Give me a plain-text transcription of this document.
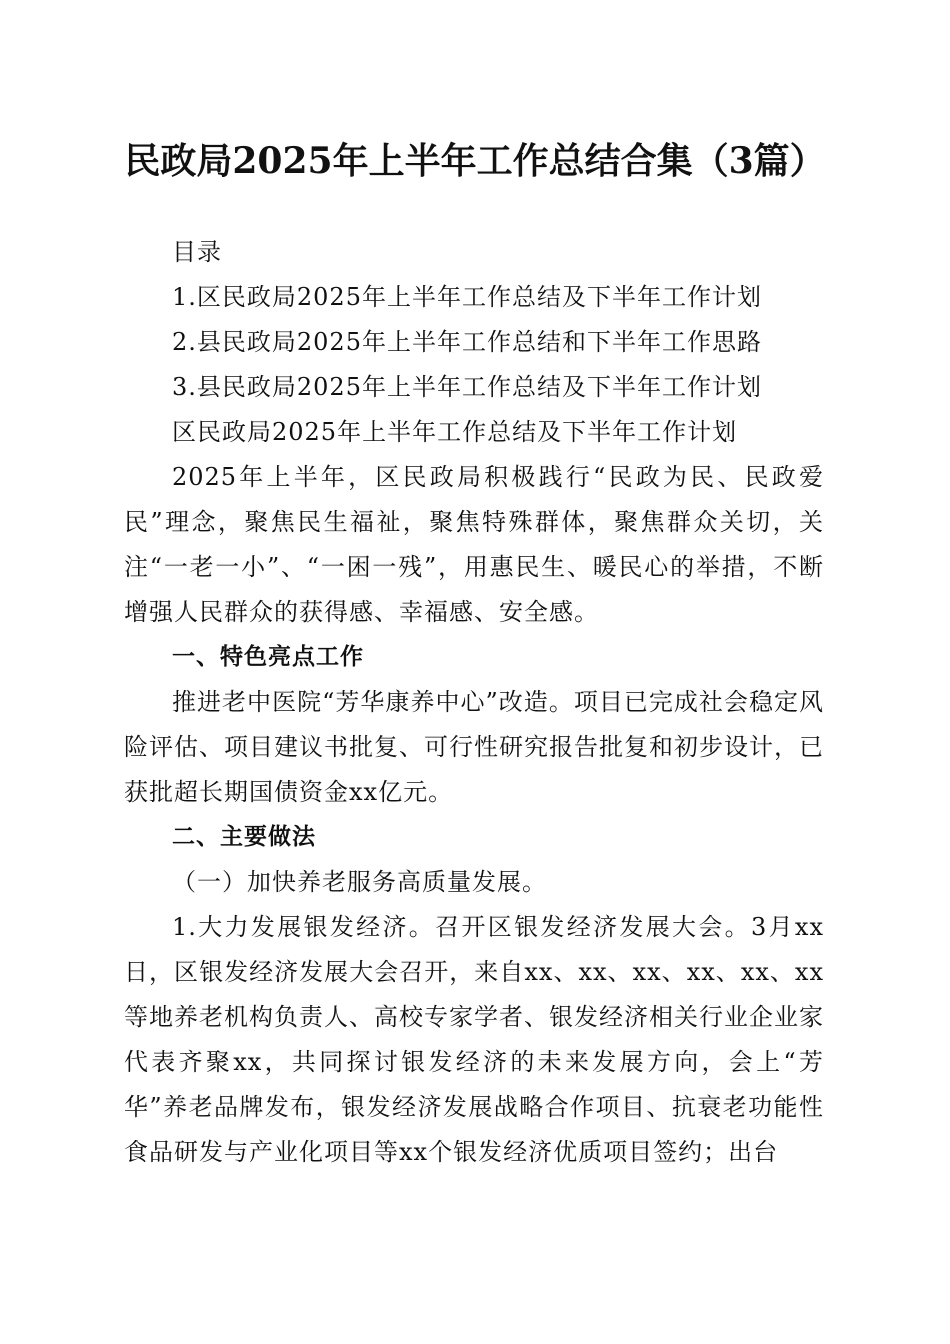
民政局2025年上半年工作总结合集（3篇）
目录
1.区民政局2025年上半年工作总结及下半年工作计划
2.县民政局2025年上半年工作总结和下半年工作思路
3.县民政局2025年上半年工作总结及下半年工作计划
区民政局2025年上半年工作总结及下半年工作计划

2025年上半年，区民政局积极践行“民政为民、民政爱民”理念，聚焦民生福祉，聚焦特殊群体，聚焦群众关切，关注“一老一小”、“一困一残”，用惠民生、暖民心的举措，不断增强人民群众的获得感、幸福感、安全感。

一、特色亮点工作

推进老中医院“芳华康养中心”改造。项目已完成社会稳定风险评估、项目建议书批复、可行性研究报告批复和初步设计，已获批超长期国债资金xx亿元。

二、主要做法
（一）加快养老服务高质量发展。

1.大力发展银发经济。召开区银发经济发展大会。3月xx日，区银发经济发展大会召开，来自xx、xx、xx、xx、xx、xx等地养老机构负责人、高校专家学者、银发经济相关行业企业家代表齐聚xx，共同探讨银发经济的未来发展方向，会上“芳华”养老品牌发布，银发经济发展战略合作项目、抗衰老功能性食品研发与产业化项目等xx个银发经济优质项目签约；出台
